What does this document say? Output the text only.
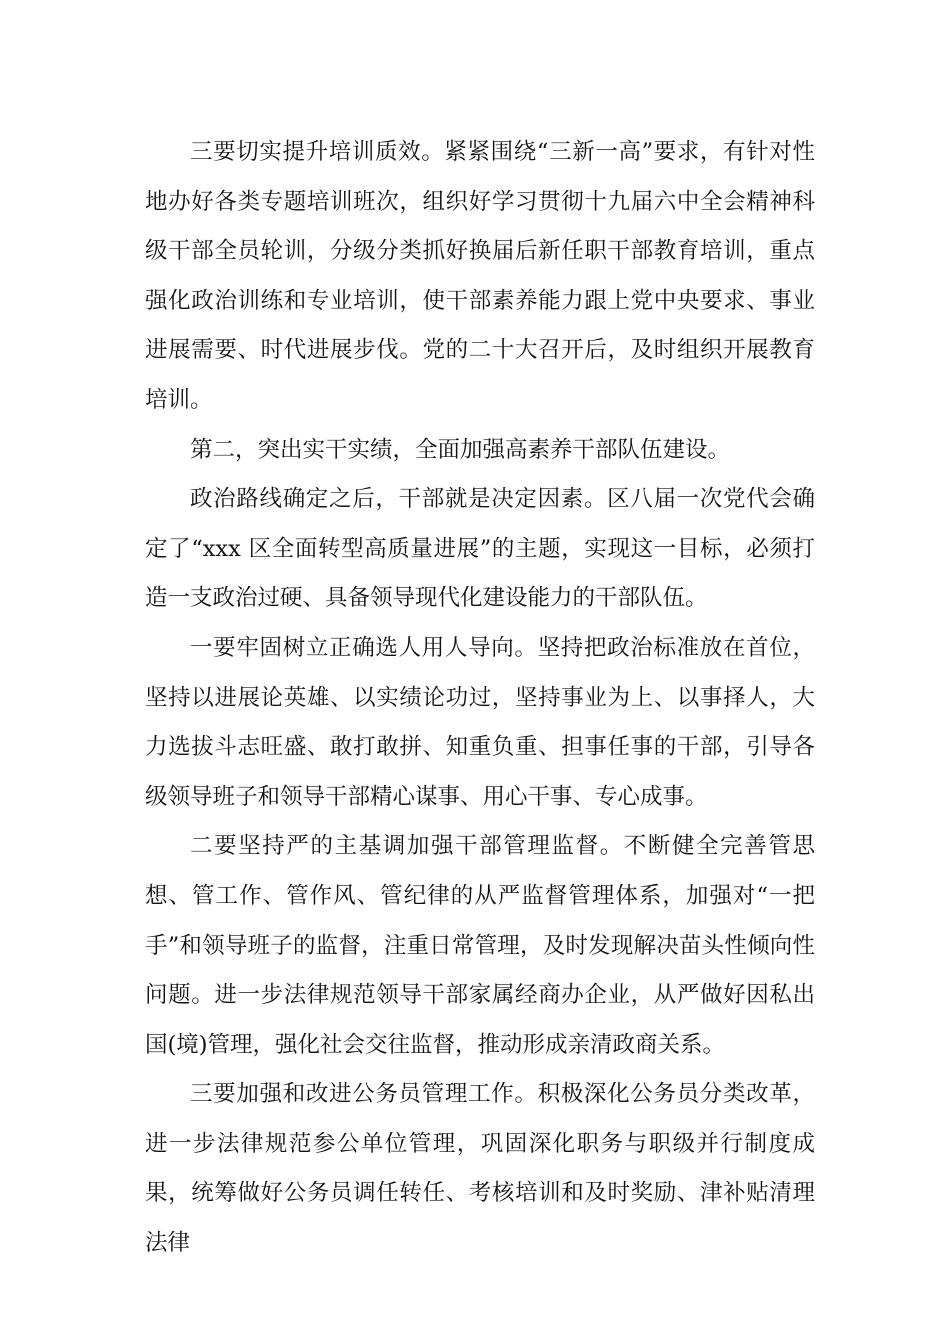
三要切实提升培训质效。紧紧围绕“三新一高”要求，有针对性地办好各类专题培训班次，组织好学习贯彻十九届六中全会精神科级干部全员轮训，分级分类抓好换届后新任职干部教育培训，重点强化政治训练和专业培训，使干部素养能力跟上党中央要求、事业进展需要、时代进展步伐。党的二十大召开后，及时组织开展教育培训。

第二，突出实干实绩，全面加强高素养干部队伍建设。

政治路线确定之后，干部就是决定因素。区八届一次党代会确定了“xxx 区全面转型高质量进展”的主题，实现这一目标，必须打造一支政治过硬、具备领导现代化建设能力的干部队伍。

一要牢固树立正确选人用人导向。坚持把政治标准放在首位，坚持以进展论英雄、以实绩论功过，坚持事业为上、以事择人，大力选拔斗志旺盛、敢打敢拼、知重负重、担事任事的干部，引导各级领导班子和领导干部精心谋事、用心干事、专心成事。

二要坚持严的主基调加强干部管理监督。不断健全完善管思想、管工作、管作风、管纪律的从严监督管理体系，加强对“一把手”和领导班子的监督，注重日常管理，及时发现解决苗头性倾向性问题。进一步法律规范领导干部家属经商办企业，从严做好因私出国(境)管理，强化社会交往监督，推动形成亲清政商关系。

三要加强和改进公务员管理工作。积极深化公务员分类改革，进一步法律规范参公单位管理，巩固深化职务与职级并行制度成果，统筹做好公务员调任转任、考核培训和及时奖励、津补贴清理法律
